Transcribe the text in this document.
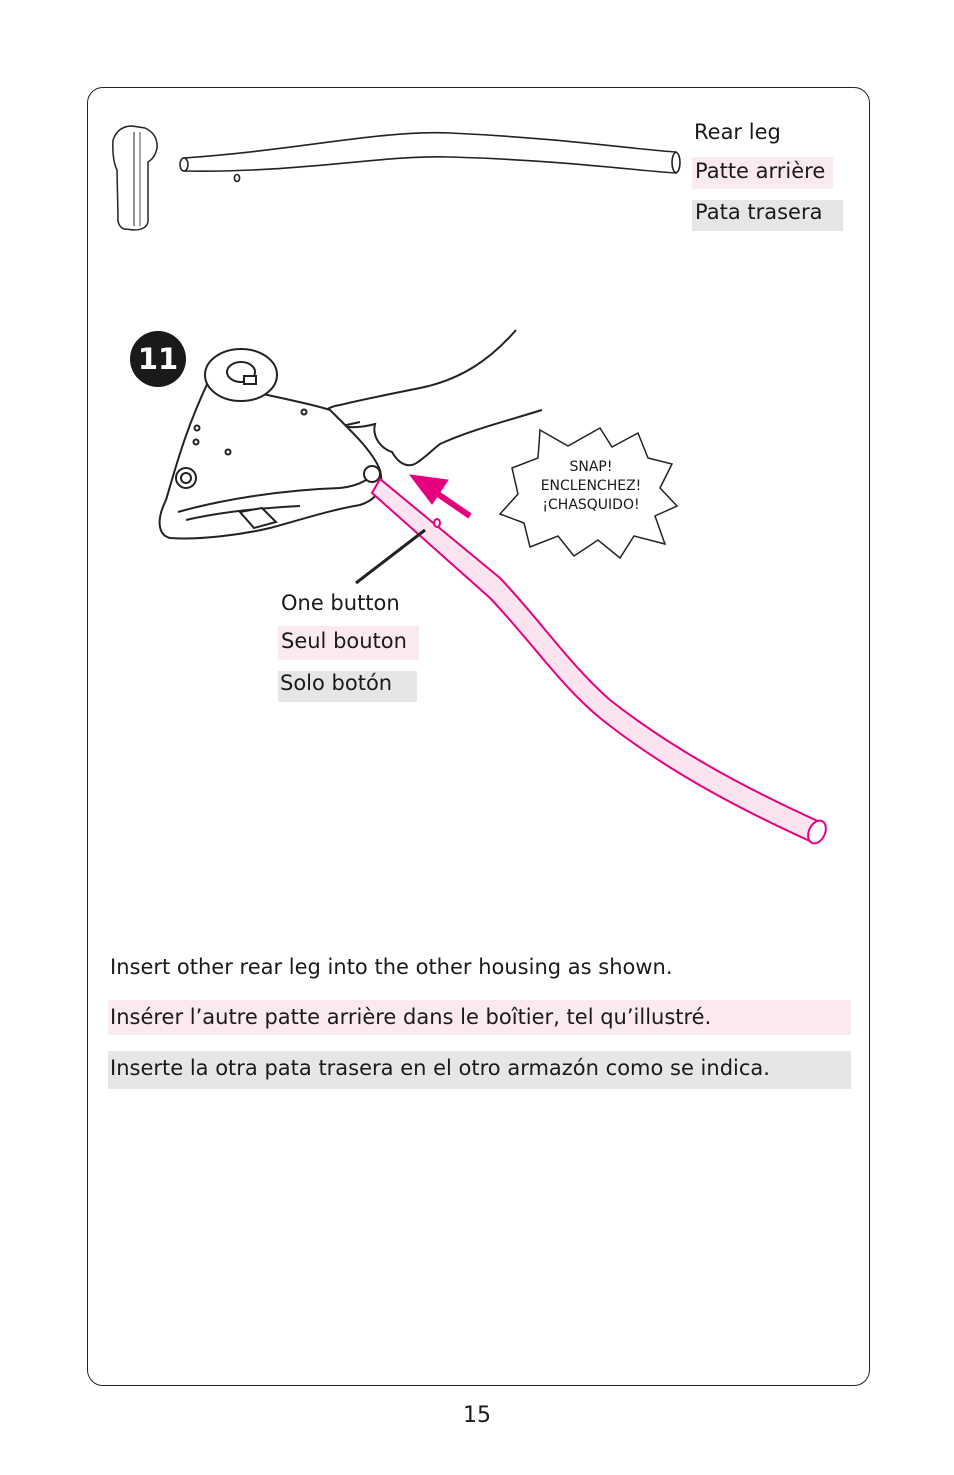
SNAP!
ENCLENCHEZ!
¡CHASQUIDO!
11
Rear leg
Patte arrière
Pata trasera
One button
Seul bouton
Solo botón
Insert other rear leg into the other housing as shown.
Insérer l’autre patte arrière dans le boîtier, tel qu’illustré.
Inserte la otra pata trasera en el otro armazón como se indica.
15
